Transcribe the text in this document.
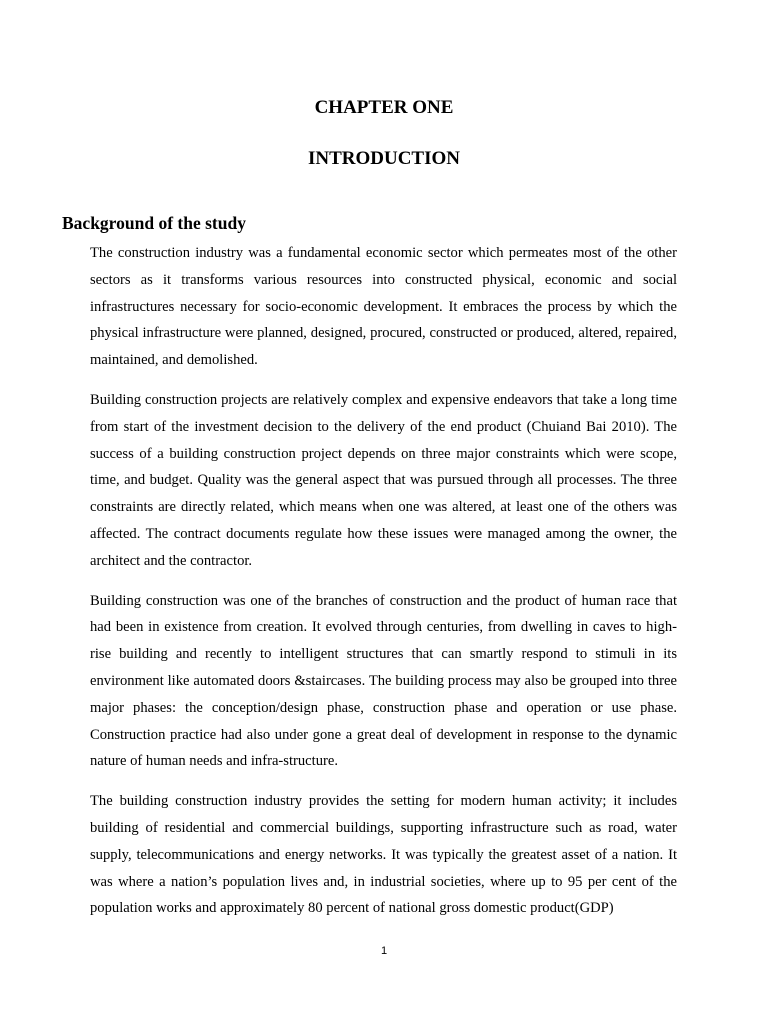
CHAPTER ONE
INTRODUCTION
Background of the study

The construction industry was a fundamental economic sector which permeates most of the other sectors as it transforms various resources into constructed physical, economic and social infrastructures necessary for socio-economic development. It embraces the process by which the physical infrastructure were planned, designed, procured, constructed or produced, altered, repaired, maintained, and demolished.

Building construction projects are relatively complex and expensive endeavors that take a long time from start of the investment decision to the delivery of the end product (Chuiand Bai 2010). The success of a building construction project depends on three major constraints which were scope, time, and budget. Quality was the general aspect that was pursued through all processes. The three constraints are directly related, which means when one was altered, at least one of the others was affected. The contract documents regulate how these issues were managed among the owner, the architect and the contractor.

Building construction was one of the branches of construction and the product of human race that had been in existence from creation. It evolved through centuries, from dwelling in caves to high-rise building and recently to intelligent structures that can smartly respond to stimuli in its environment like automated doors &staircases. The building process may also be grouped into three major phases: the conception/design phase, construction phase and operation or use phase. Construction practice had also under gone a great deal of development in response to the dynamic nature of human needs and infra-structure.

The building construction industry provides the setting for modern human activity; it includes building of residential and commercial buildings, supporting infrastructure such as road, water supply, telecommunications and energy networks. It was typically the greatest asset of a nation. It was where a nation’s population lives and, in industrial societies, where up to 95 per cent of the population works and approximately 80 percent of national gross domestic product(GDP)

1
